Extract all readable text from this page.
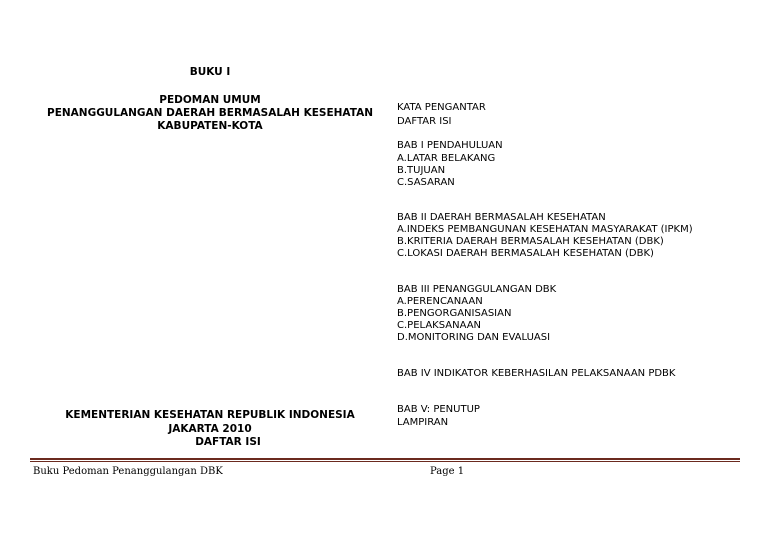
BUKU I
PEDOMAN UMUM
PENANGGULANGAN DAERAH BERMASALAH KESEHATAN
KABUPATEN-KOTA
KEMENTERIAN KESEHATAN REPUBLIK INDONESIA
JAKARTA 2010
DAFTAR ISI
KATA PENGANTAR
DAFTAR ISI
BAB I PENDAHULUAN
A.LATAR BELAKANG
B.TUJUAN
C.SASARAN
BAB II DAERAH BERMASALAH KESEHATAN
A.INDEKS PEMBANGUNAN KESEHATAN MASYARAKAT (IPKM)
B.KRITERIA DAERAH BERMASALAH KESEHATAN (DBK)
C.LOKASI DAERAH BERMASALAH KESEHATAN (DBK)
BAB III PENANGGULANGAN DBK
A.PERENCANAAN
B.PENGORGANISASIAN
C.PELAKSANAAN
D.MONITORING DAN EVALUASI
BAB IV INDIKATOR KEBERHASILAN PELAKSANAAN PDBK
BAB V: PENUTUP
LAMPIRAN
Buku Pedoman Penanggulangan DBK	Page 1
